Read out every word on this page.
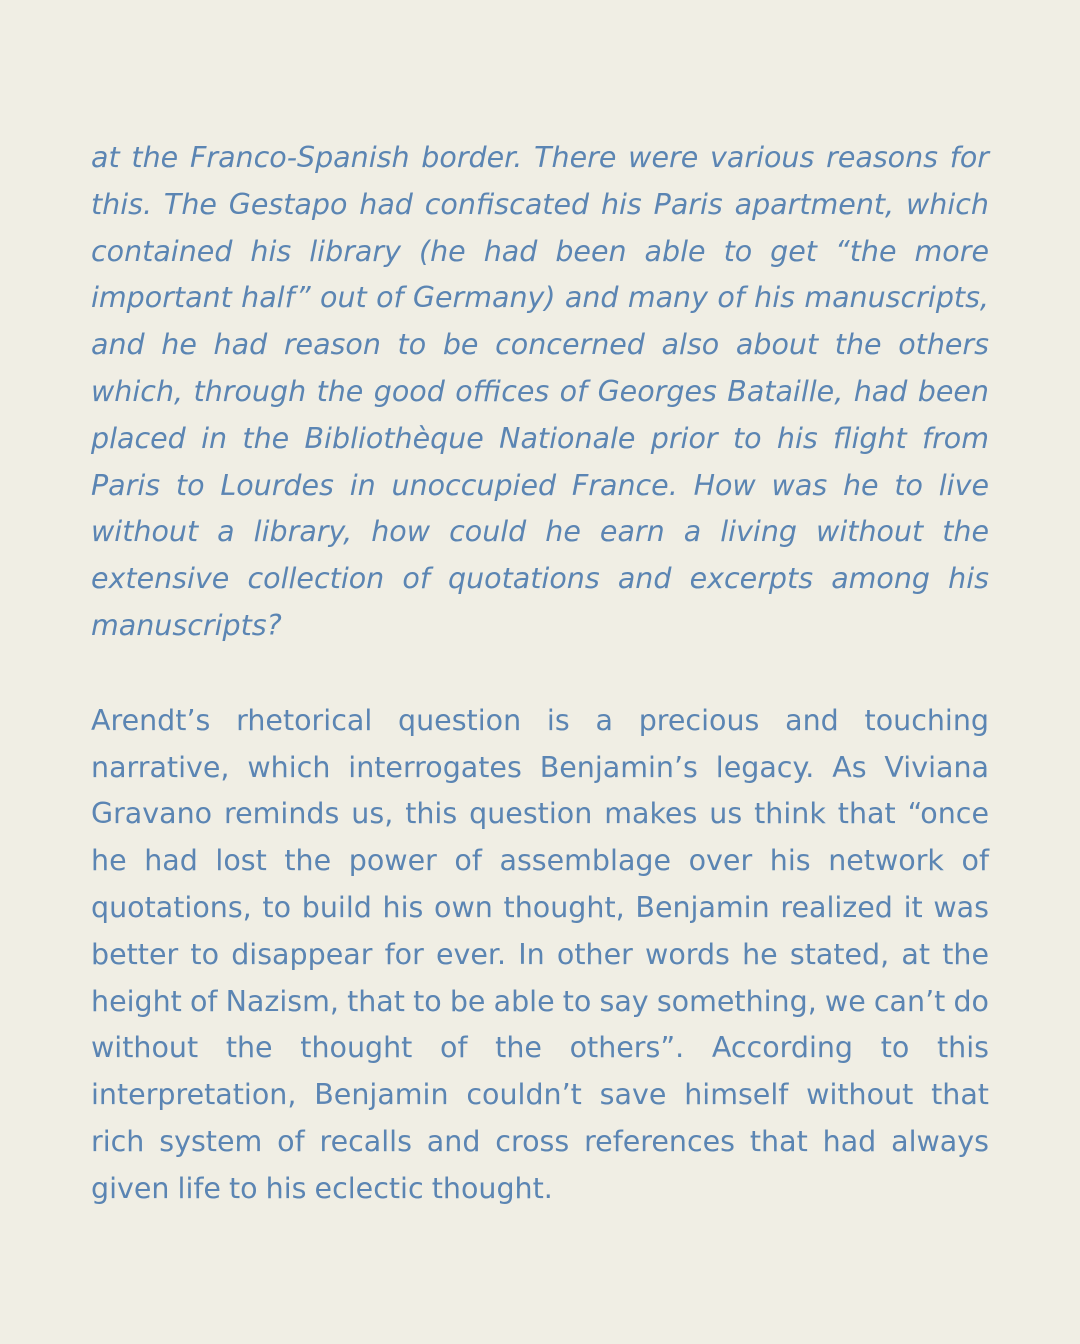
at the Franco-Spanish border. There were various reasons for this. The Gestapo had confiscated his Paris apartment, which contained his library (he had been able to get “the more important half” out of Germany) and many of his manuscripts, and he had reason to be concerned also about the others which, through the good offices of Georges Bataille, had been placed in the Bibliothèque Nationale prior to his flight from Paris to Lourdes in unoccupied France. How was he to live without a library, how could he earn a living without the extensive collection of quotations and excerpts among his manuscripts?

Arendt’s rhetorical question is a precious and touching narrative, which interrogates Benjamin’s legacy. As Viviana Gravano reminds us, this question makes us think that “once he had lost the power of assemblage over his network of quotations, to build his own thought, Benjamin realized it was better to disappear for ever. In other words he stated, at the height of Nazism, that to be able to say something, we can’t do without the thought of the others”. According to this interpretation, Benjamin couldn’t save himself without that rich system of recalls and cross references that had always given life to his eclectic thought.
